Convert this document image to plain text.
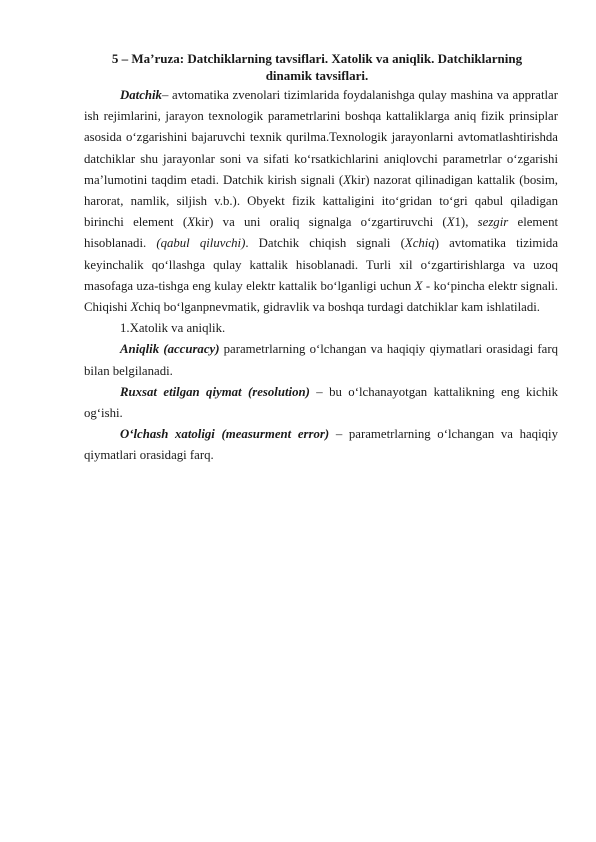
5 – Ma’ruza: Datchiklarning tavsiflari. Xatolik va aniqlik. Datchiklarning
dinamik tavsiflari.

Datchik– avtomatika zvenolari tizimlarida foydalanishga qulay mashina va appratlar ish rejimlarini, jarayon texnologik parametrlarini boshqa kattaliklarga aniq fizik prinsiplar asosida o‘zgarishini bajaruvchi texnik qurilma.Texnologik jarayonlarni avtomatlashtirishda datchiklar shu jarayonlar soni va sifati ko‘rsatkichlarini aniqlovchi parametrlar o‘zgarishi ma’lumotini taqdim etadi. Datchik kirish signali (Xkir) nazorat qilinadigan kattalik (bosim, harorat, namlik, siljish v.b.). Obyekt fizik kattaligini ito‘gridan to‘gri qabul qiladigan birinchi element (Xkir) va uni oraliq signalga o‘zgartiruvchi (X1), sezgir element hisoblanadi. (qabul qiluvchi). Datchik chiqish signali (Xchiq) avtomatika tizimida keyinchalik qo‘llashga qulay kattalik hisoblanadi. Turli xil o‘zgartirishlarga va uzoq masofaga uza-tishga eng kulay elektr kattalik bo‘lganligi uchun X - ko‘pincha elektr signali. Chiqishi Xchiq bo‘lganpnevmatik, gidravlik va boshqa turdagi datchiklar kam ishlatiladi.

1.Xatolik va aniqlik.

Aniqlik (accuracy) parametrlarning o‘lchangan va haqiqiy qiymatlari orasidagi farq bilan belgilanadi.

Ruxsat etilgan qiymat (resolution) – bu o‘lchanayotgan kattalikning eng kichik og‘ishi.

O‘lchash xatoligi (measurment error) – parametrlarning o‘lchangan va haqiqiy qiymatlari orasidagi farq.
